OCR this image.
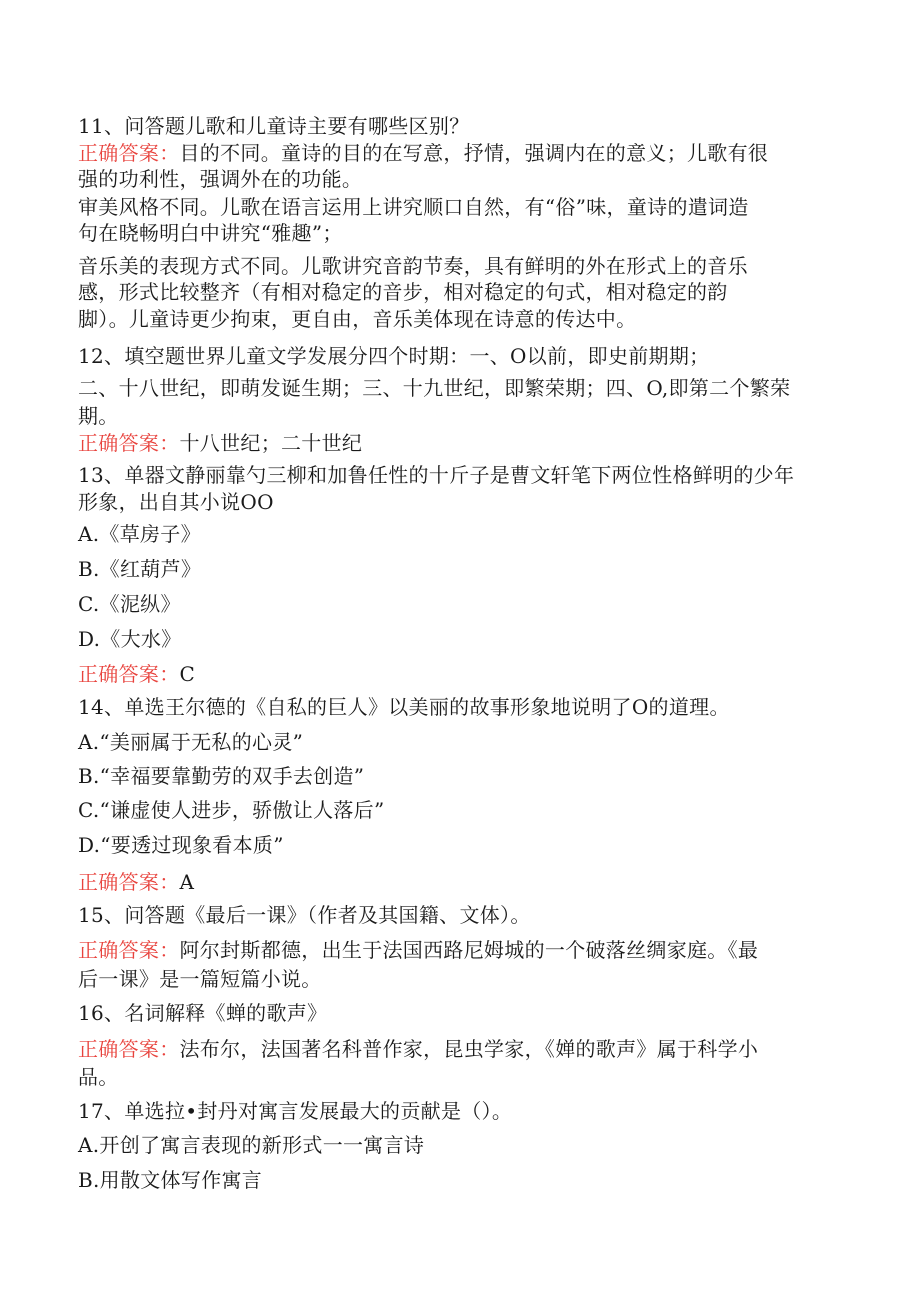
11、问答题儿歌和儿童诗主要有哪些区别？
正确答案：目的不同。童诗的目的在写意，抒情，强调内在的意义；儿歌有很
强的功利性，强调外在的功能。
审美风格不同。儿歌在语言运用上讲究顺口自然，有“俗”味，童诗的遣词造
句在晓畅明白中讲究“雅趣”；
音乐美的表现方式不同。儿歌讲究音韵节奏，具有鲜明的外在形式上的音乐
感，形式比较整齐（有相对稳定的音步，相对稳定的句式，相对稳定的韵
脚）。儿童诗更少拘束，更自由，音乐美体现在诗意的传达中。
12、填空题世界儿童文学发展分四个时期：一、O以前，即史前期期；
二、十八世纪，即萌发诞生期；三、十九世纪，即繁荣期；四、O,即第二个繁荣
期。
正确答案：十八世纪；二十世纪
13、单器文静丽靠勺三柳和加鲁任性的十斤子是曹文轩笔下两位性格鲜明的少年
形象，出自其小说OO
A.《草房子》
B.《红葫芦》
C.《泥纵》
D.《大水》
正确答案：C
14、单选王尔德的《自私的巨人》以美丽的故事形象地说明了O的道理。
A.“美丽属于无私的心灵”
B.“幸福要靠勤劳的双手去创造”
C.“谦虚使人进步，骄傲让人落后”
D.“要透过现象看本质”
正确答案：A
15、问答题《最后一课》（作者及其国籍、文体）。
正确答案：阿尔封斯都德，出生于法国西路尼姆城的一个破落丝绸家庭。《最
后一课》是一篇短篇小说。
16、名词解释《蝉的歌声》
正确答案：法布尔，法国著名科普作家，昆虫学家，《婵的歌声》属于科学小
品。
17、单选拉•封丹对寓言发展最大的贡献是（）。
A.开创了寓言表现的新形式一一寓言诗
B.用散文体写作寓言
